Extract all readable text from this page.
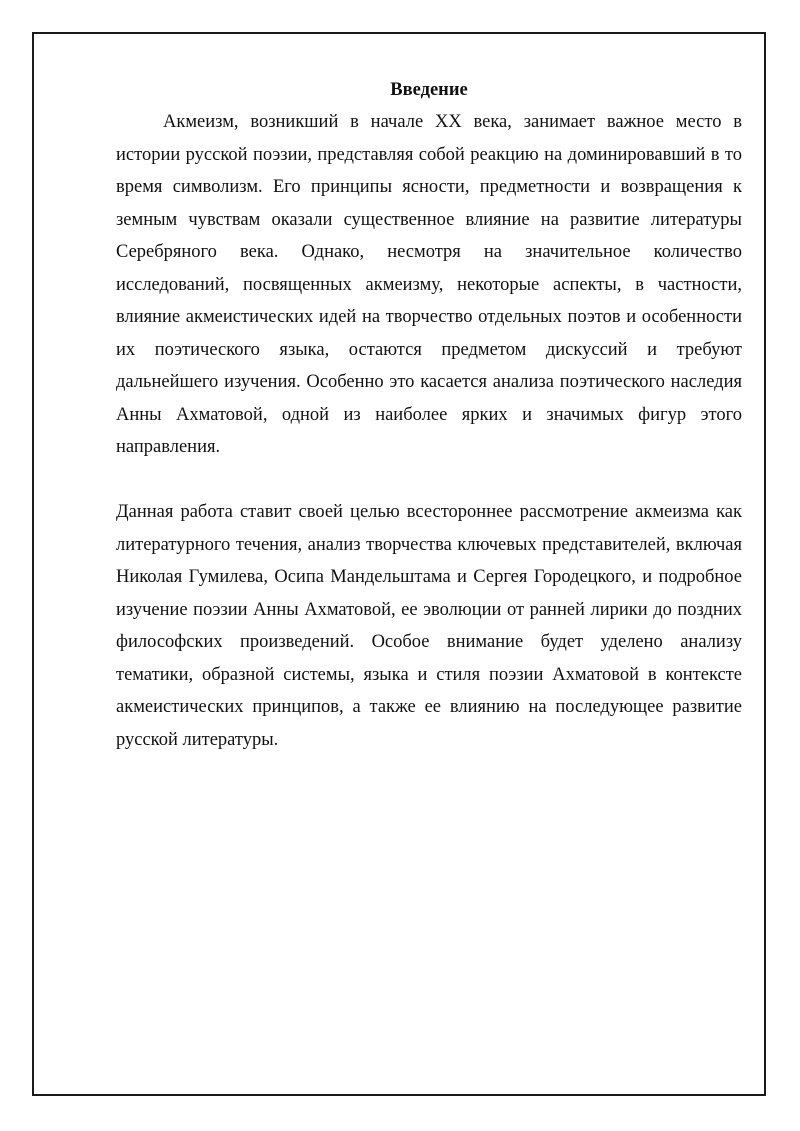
Введение

Акмеизм, возникший в начале XX века, занимает важное место в истории русской поэзии, представляя собой реакцию на доминировавший в то время символизм. Его принципы ясности, предметности и возвращения к земным чувствам оказали существенное влияние на развитие литературы Серебряного века. Однако, несмотря на значительное количество исследований, посвященных акмеизму, некоторые аспекты, в частности, влияние акмеистических идей на творчество отдельных поэтов и особенности их поэтического языка, остаются предметом дискуссий и требуют дальнейшего изучения. Особенно это касается анализа поэтического наследия Анны Ахматовой, одной из наиболее ярких и значимых фигур этого направления.

Данная работа ставит своей целью всестороннее рассмотрение акмеизма как литературного течения, анализ творчества ключевых представителей, включая Николая Гумилева, Осипа Мандельштама и Сергея Городецкого, и подробное изучение поэзии Анны Ахматовой, ее эволюции от ранней лирики до поздних философских произведений. Особое внимание будет уделено анализу тематики, образной системы, языка и стиля поэзии Ахматовой в контексте акмеистических принципов, а также ее влиянию на последующее развитие русской литературы.
